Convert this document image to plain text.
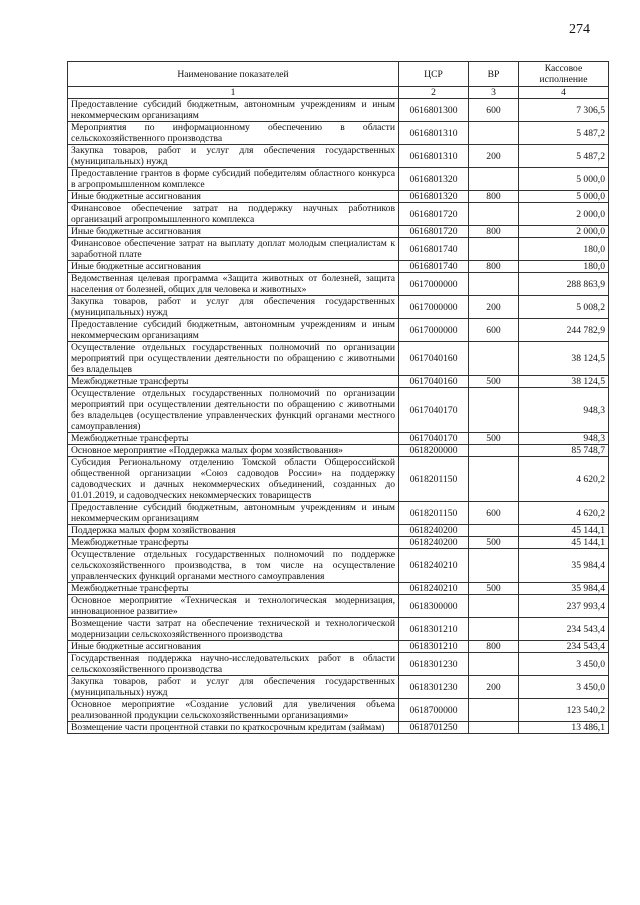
274
Наименование показателей	ЦСР	ВР	Кассовое исполнение
1	2	3	4
Предоставление субсидий бюджетным, автономным учреждениям и иным некоммерческим организациям	0616801300	600	7 306,5
Мероприятия по информационному обеспечению в области сельскохозяйственного производства	0616801310		5 487,2
Закупка товаров, работ и услуг для обеспечения государственных (муниципальных) нужд	0616801310	200	5 487,2
Предоставление грантов в форме субсидий победителям областного конкурса в агропромышленном комплексе	0616801320		5 000,0
Иные бюджетные ассигнования	0616801320	800	5 000,0
Финансовое обеспечение затрат на поддержку научных работников организаций агропромышленного комплекса	0616801720		2 000,0
Иные бюджетные ассигнования	0616801720	800	2 000,0
Финансовое обеспечение затрат на выплату доплат молодым специалистам к заработной плате	0616801740		180,0
Иные бюджетные ассигнования	0616801740	800	180,0
Ведомственная целевая программа «Защита животных от болезней, защита населения от болезней, общих для человека и животных»	0617000000		288 863,9
Закупка товаров, работ и услуг для обеспечения государственных (муниципальных) нужд	0617000000	200	5 008,2
Предоставление субсидий бюджетным, автономным учреждениям и иным некоммерческим организациям	0617000000	600	244 782,9
Осуществление отдельных государственных полномочий по организации мероприятий при осуществлении деятельности по обращению с животными без владельцев	0617040160		38 124,5
Межбюджетные трансферты	0617040160	500	38 124,5
Осуществление отдельных государственных полномочий по организации мероприятий при осуществлении деятельности по обращению с животными без владельцев (осуществление управленческих функций органами местного самоуправления)	0617040170		948,3
Межбюджетные трансферты	0617040170	500	948,3
Основное мероприятие «Поддержка малых форм хозяйствования»	0618200000		85 748,7
Субсидия Региональному отделению Томской области Общероссийской общественной организации «Союз садоводов России» на поддержку садоводческих и дачных некоммерческих объединений, созданных до 01.01.2019, и садоводческих некоммерческих товариществ	0618201150		4 620,2
Предоставление субсидий бюджетным, автономным учреждениям и иным некоммерческим организациям	0618201150	600	4 620,2
Поддержка малых форм хозяйствования	0618240200		45 144,1
Межбюджетные трансферты	0618240200	500	45 144,1
Осуществление отдельных государственных полномочий по поддержке сельскохозяйственного производства, в том числе на осуществление управленческих функций органами местного самоуправления	0618240210		35 984,4
Межбюджетные трансферты	0618240210	500	35 984,4
Основное мероприятие «Техническая и технологическая модернизация, инновационное развитие»	0618300000		237 993,4
Возмещение части затрат на обеспечение технической и технологической модернизации сельскохозяйственного производства	0618301210		234 543,4
Иные бюджетные ассигнования	0618301210	800	234 543,4
Государственная поддержка научно-исследовательских работ в области сельскохозяйственного производства	0618301230		3 450,0
Закупка товаров, работ и услуг для обеспечения государственных (муниципальных) нужд	0618301230	200	3 450,0
Основное мероприятие «Создание условий для увеличения объема реализованной продукции сельскохозяйственными организациями»	0618700000		123 540,2
Возмещение части процентной ставки по краткосрочным кредитам (займам)	0618701250		13 486,1
